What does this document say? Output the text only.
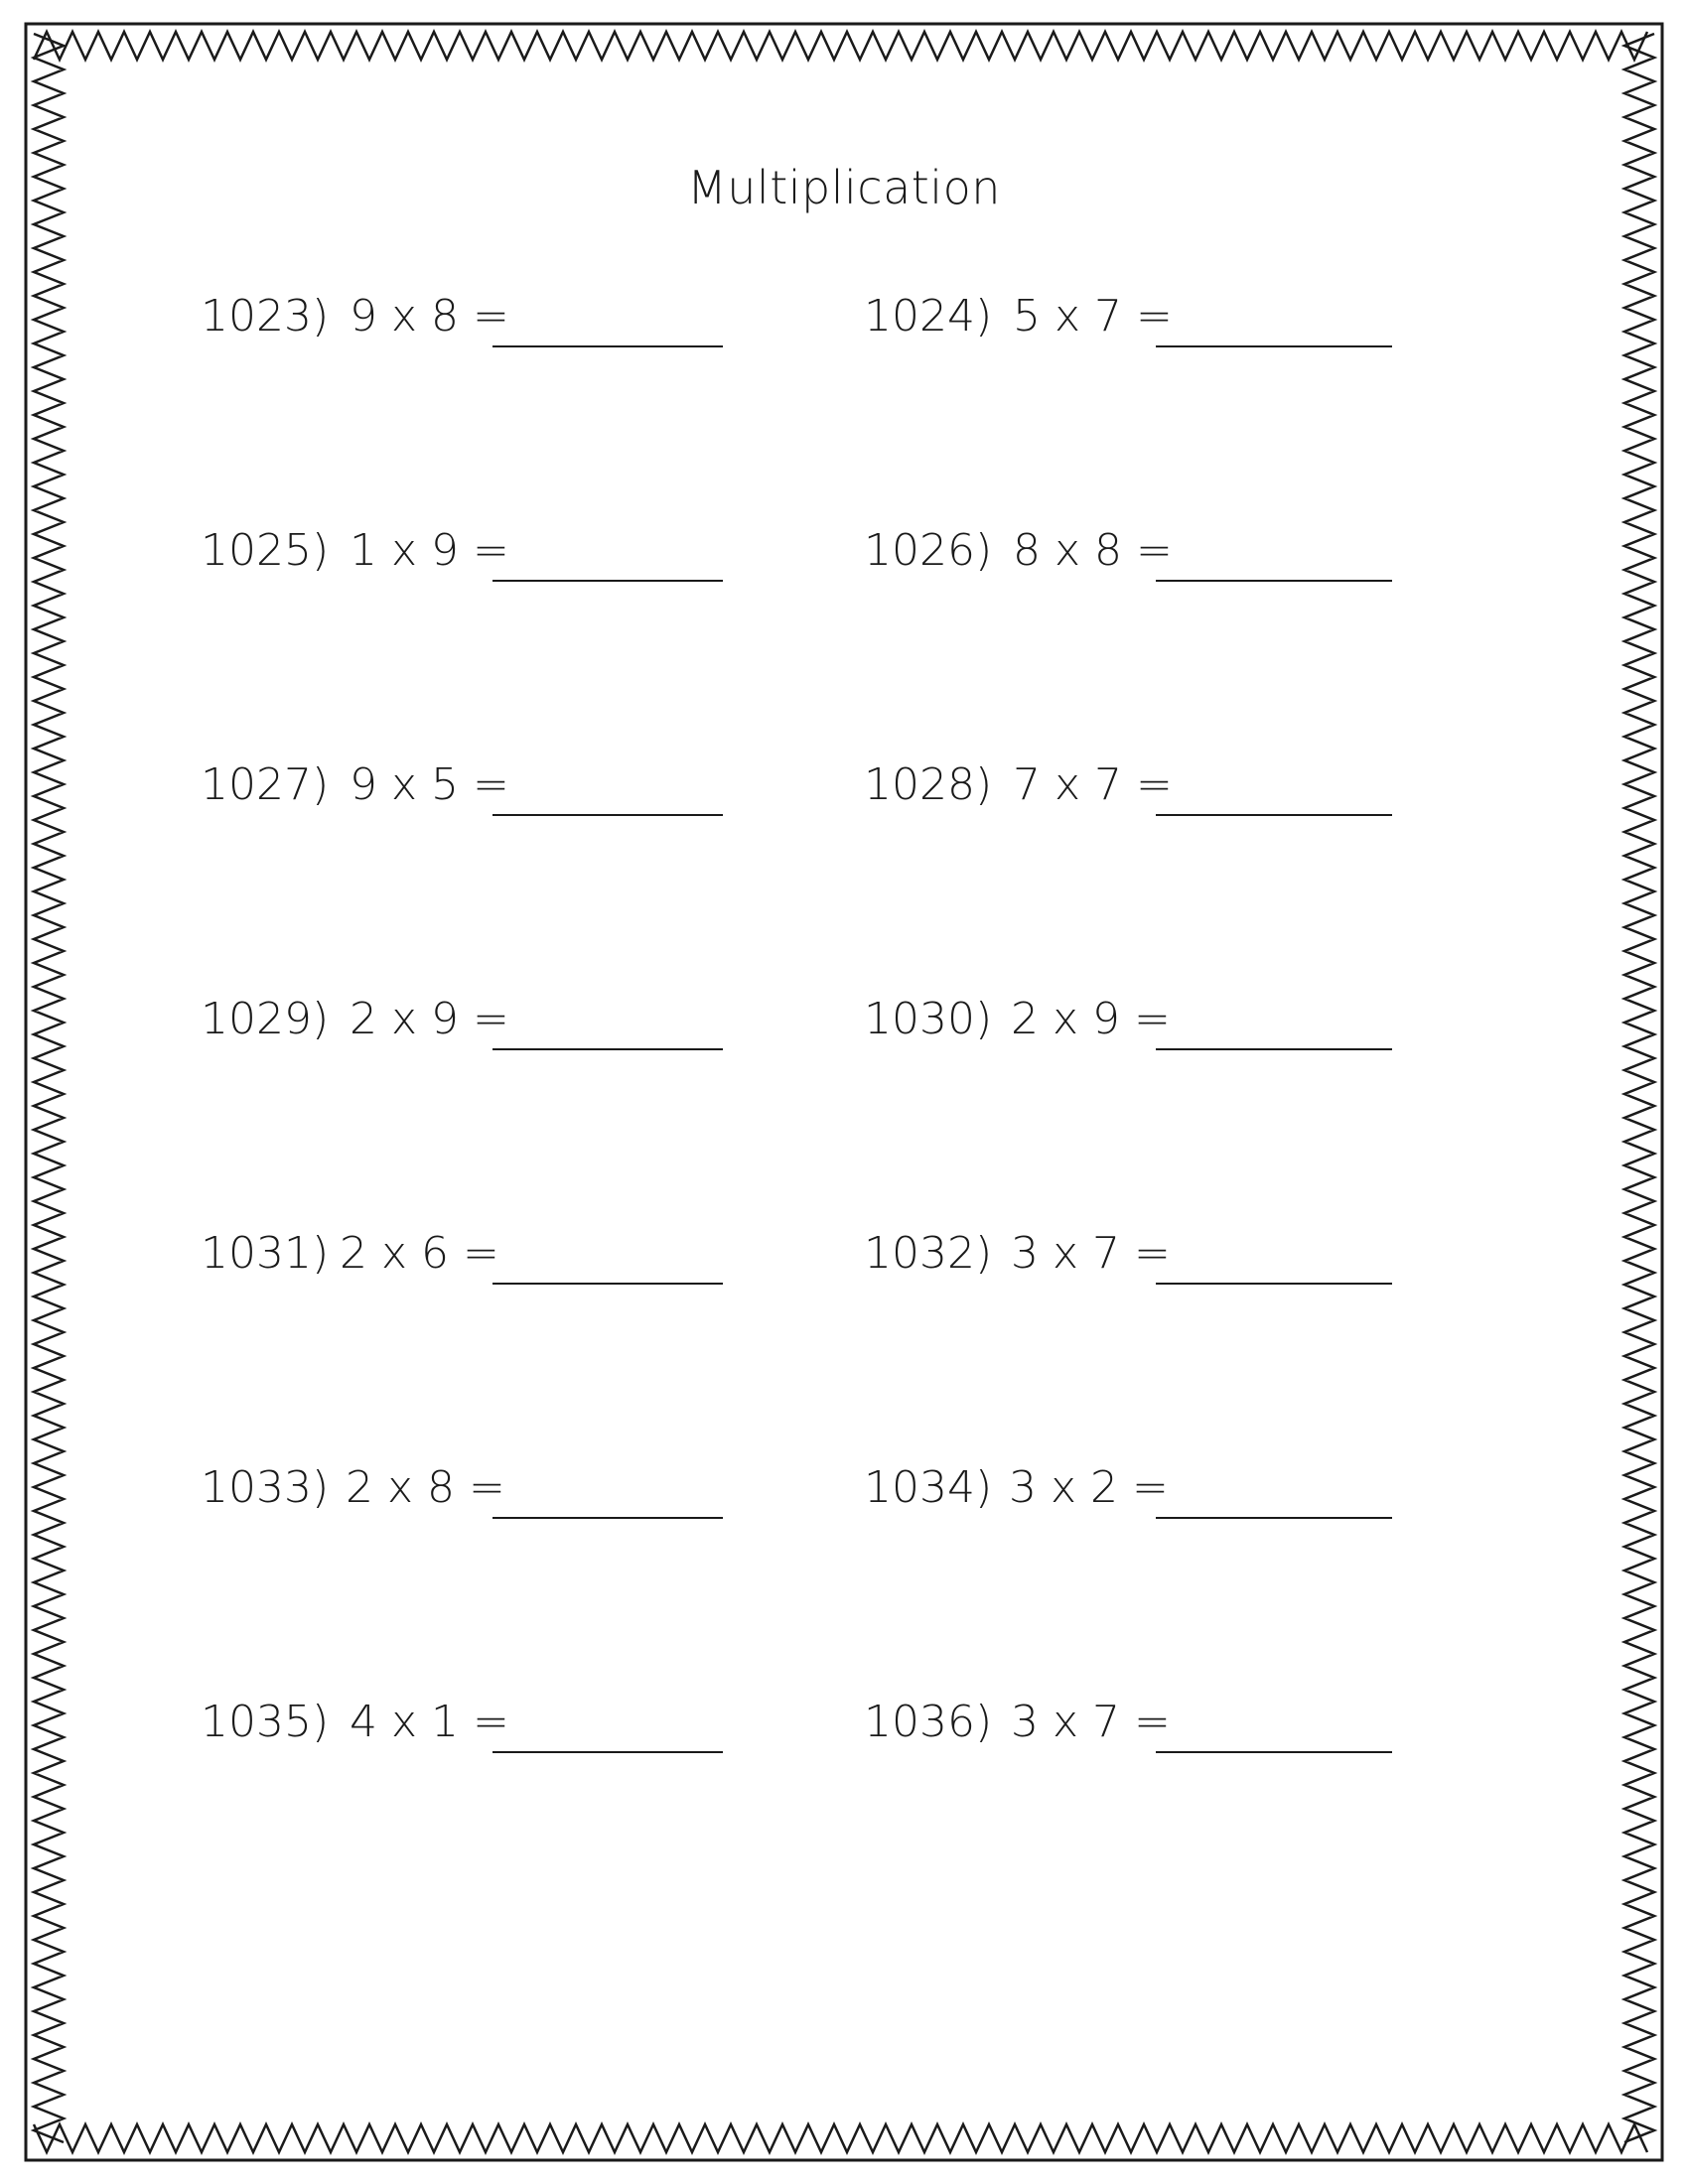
Multiplication
1023) 9 x 8 =
1025) 1 x 9 =
1027) 9 x 5 =
1029) 2 x 9 =
1031) 2 x 6 =
1033) 2 x 8 =
1035) 4 x 1 =
1024) 5 x 7 =
1026) 8 x 8 =
1028) 7 x 7 =
1030) 2 x 9 =
1032) 3 x 7 =
1034) 3 x 2 =
1036) 3 x 7 =
